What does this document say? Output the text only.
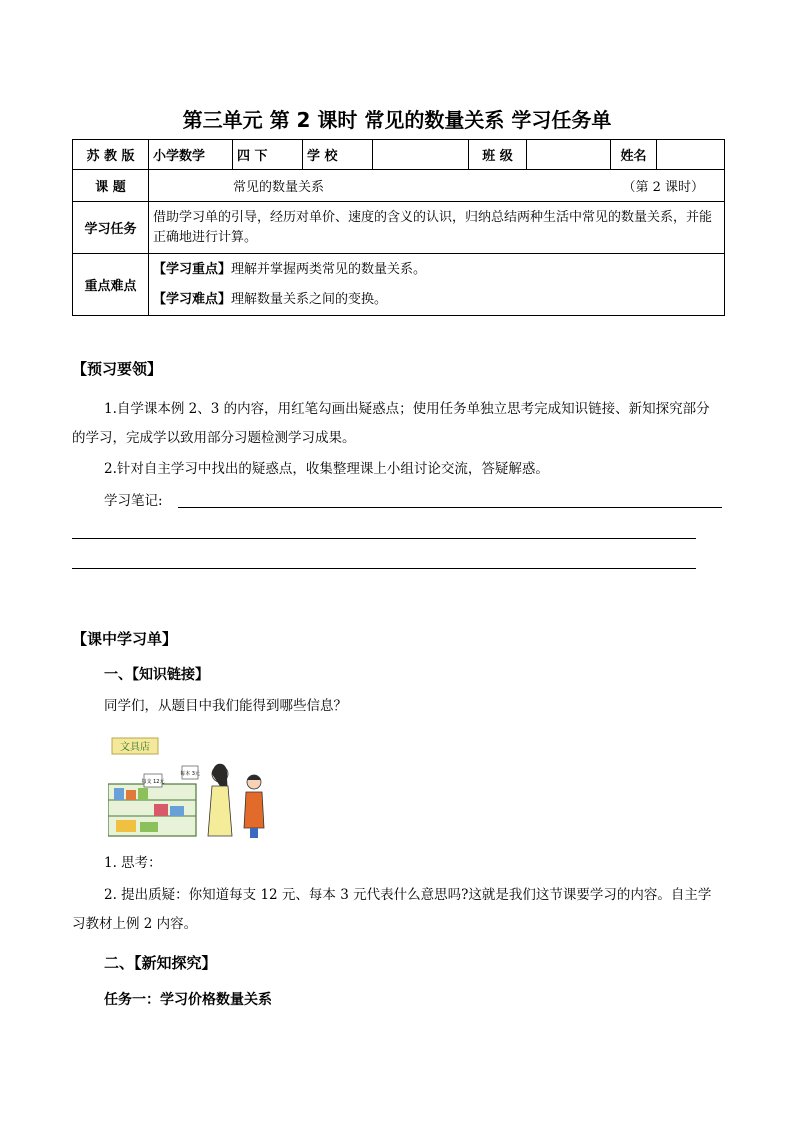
第三单元 第 2 课时 常见的数量关系 学习任务单
苏 教 版	小学数学	四 下	学 校		班 级		姓名	
课 题	常见的数量关系 （第 2 课时）							

学习任务	借助学习单的引导，经历对单价、速度的含义的认识，归纳总结两种生活中常见的数量关系，并能正确地进行计算。							
重点难点	【学习重点】理解并掌握两类常见的数量关系。
【学习难点】理解数量关系之间的变换。							
【预习要领】
1.自学课本例 2、3 的内容，用红笔勾画出疑惑点；使用任务单独立思考完成知识链接、新知探究部分的学习，完成学以致用部分习题检测学习成果。
2.针对自主学习中找出的疑惑点，收集整理课上小组讨论交流，答疑解惑。
学习笔记:
【课中学习单】
一、【知识链接】
同学们，从题目中我们能得到哪些信息？
文具店
每支 12元
每本 3元
1. 思考：
2. 提出质疑：你知道每支 12 元、每本 3 元代表什么意思吗?这就是我们这节课要学习的内容。自主学习教材上例 2 内容。
二、【新知探究】
任务一：学习价格数量关系
